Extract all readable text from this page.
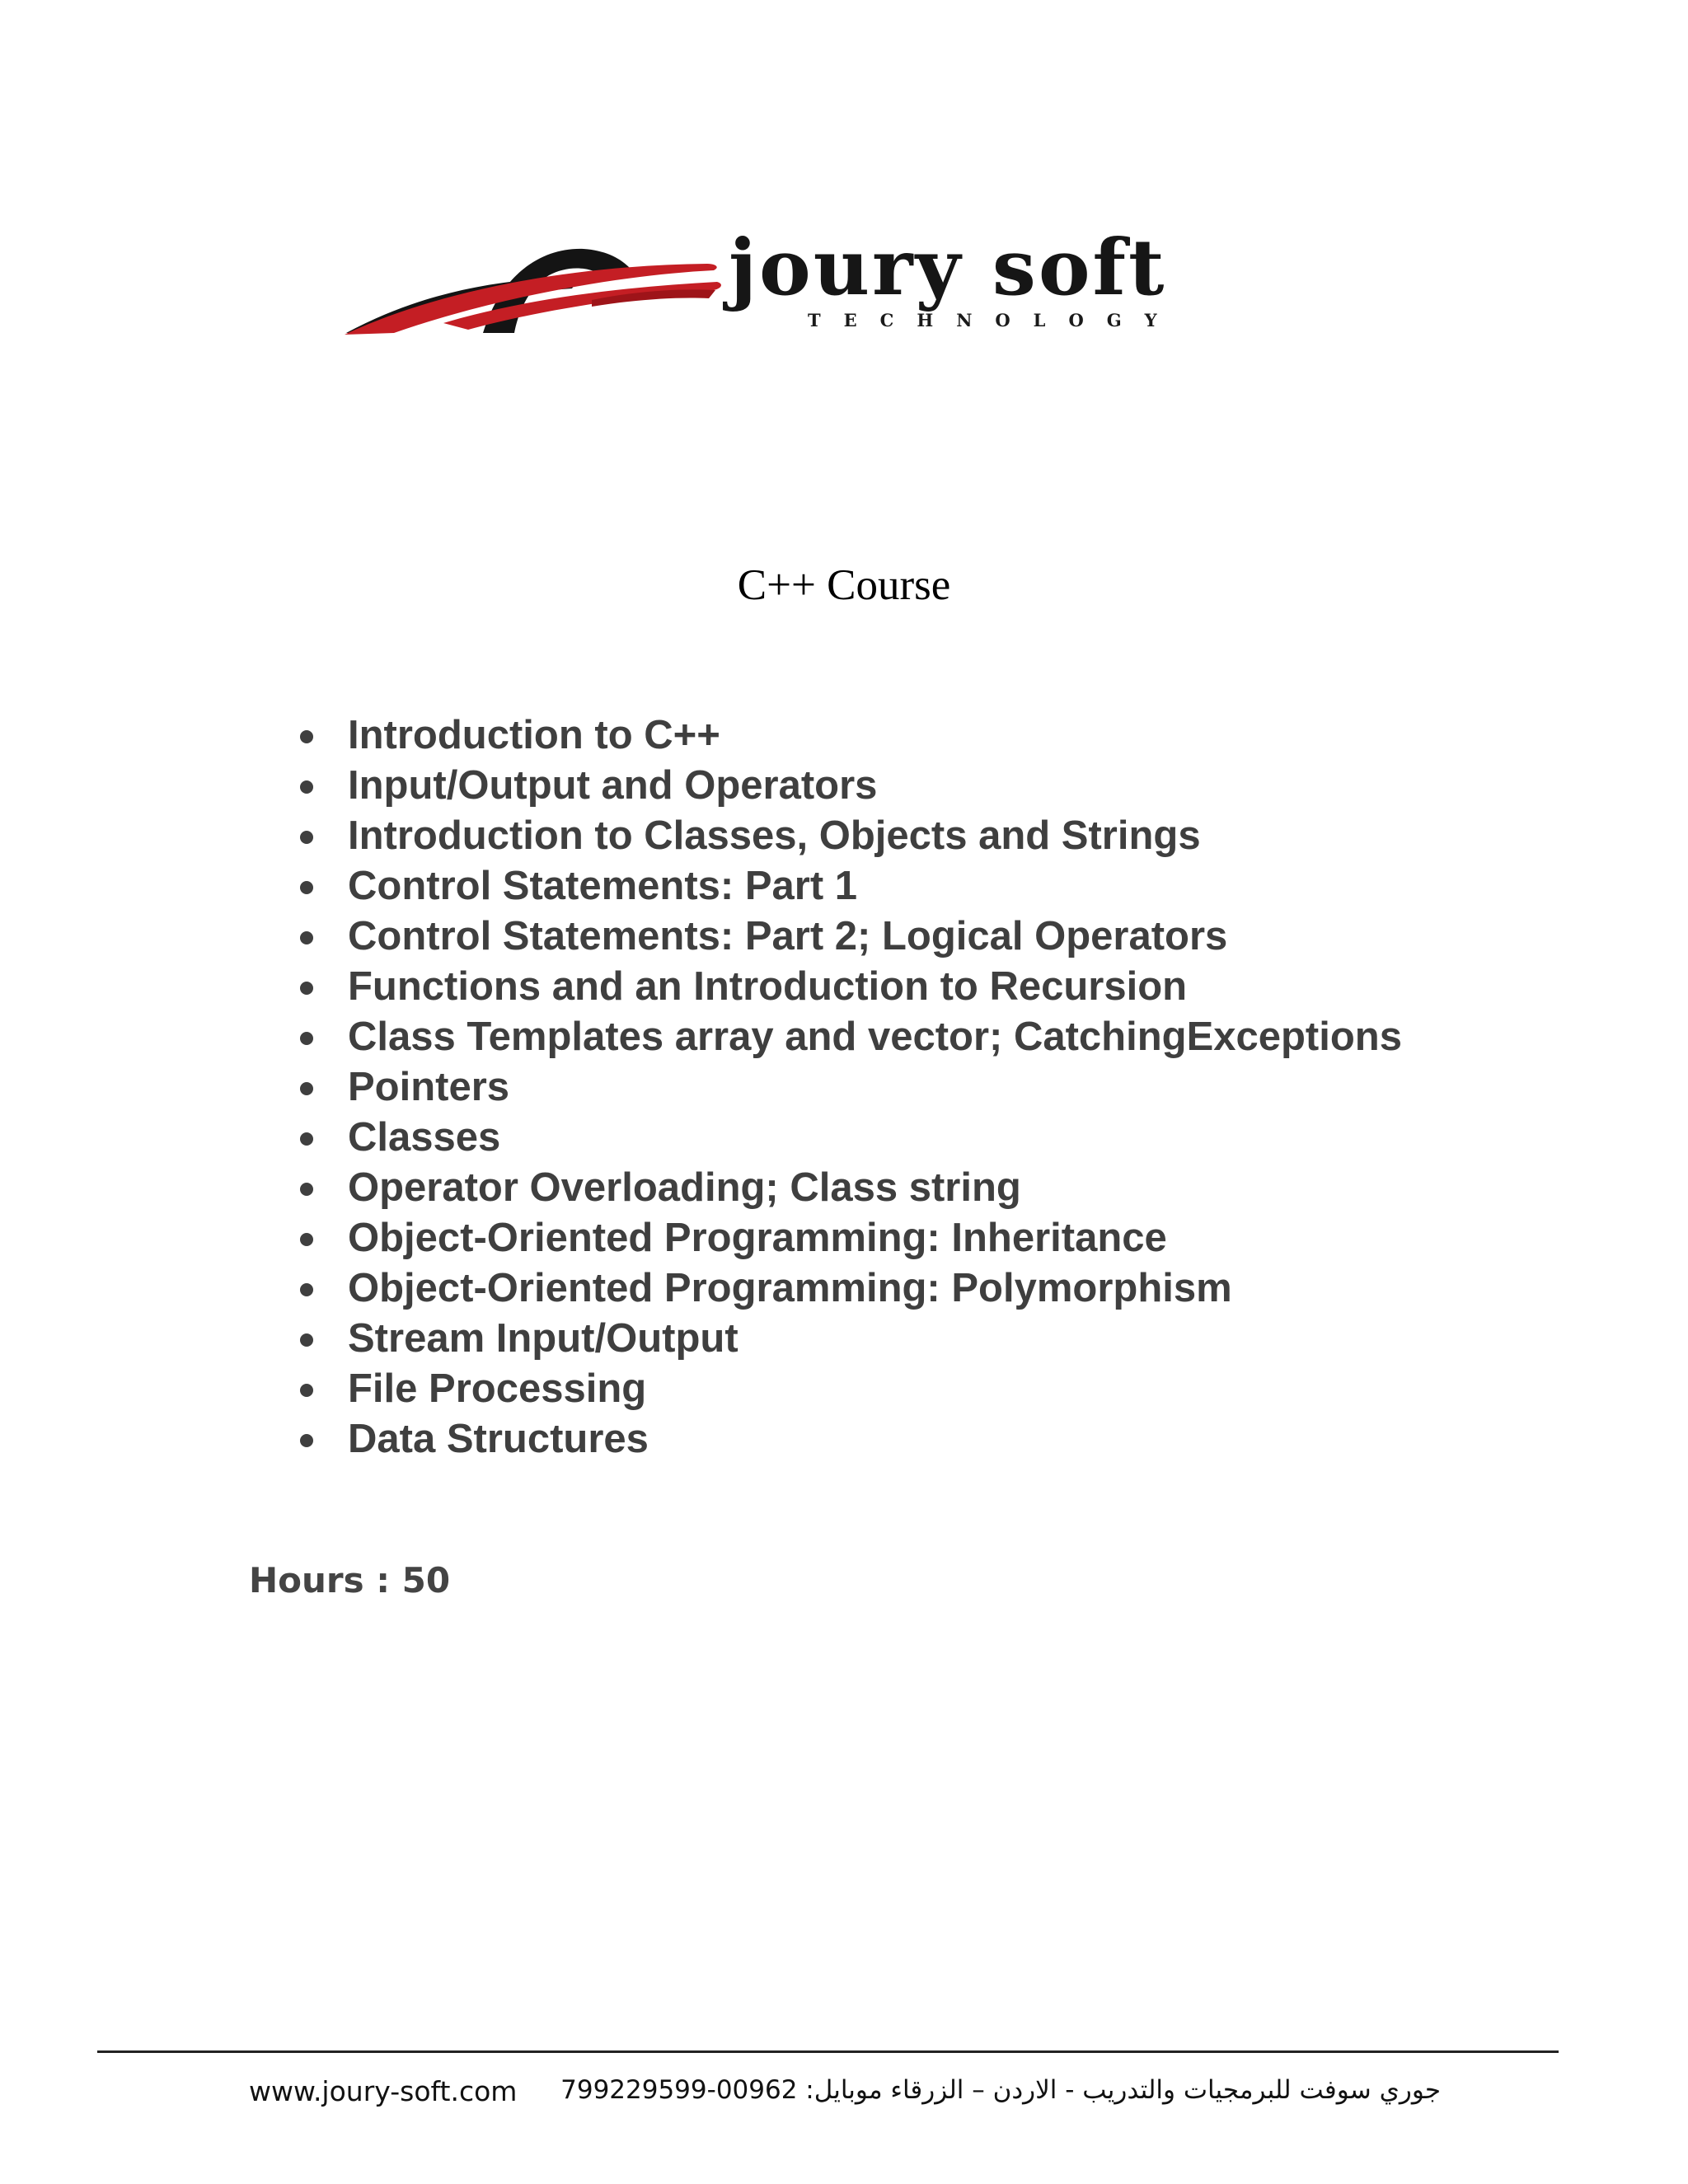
joury soft
TECHNOLOGY
C++ Course
Introduction to C++
Input/Output and Operators
Introduction to Classes, Objects and Strings
Control Statements: Part 1
Control Statements: Part 2; Logical Operators
Functions and an Introduction to Recursion
Class Templates array and vector; CatchingExceptions
Pointers
Classes
Operator Overloading; Class string
Object-Oriented Programming: Inheritance
Object-Oriented Programming: Polymorphism
Stream Input/Output
File Processing
Data Structures
Hours : 50
www.joury-soft.com جوري سوفت للبرمجيات والتدريب - الاردن – الزرقاء موبايل: 00962-799229599
